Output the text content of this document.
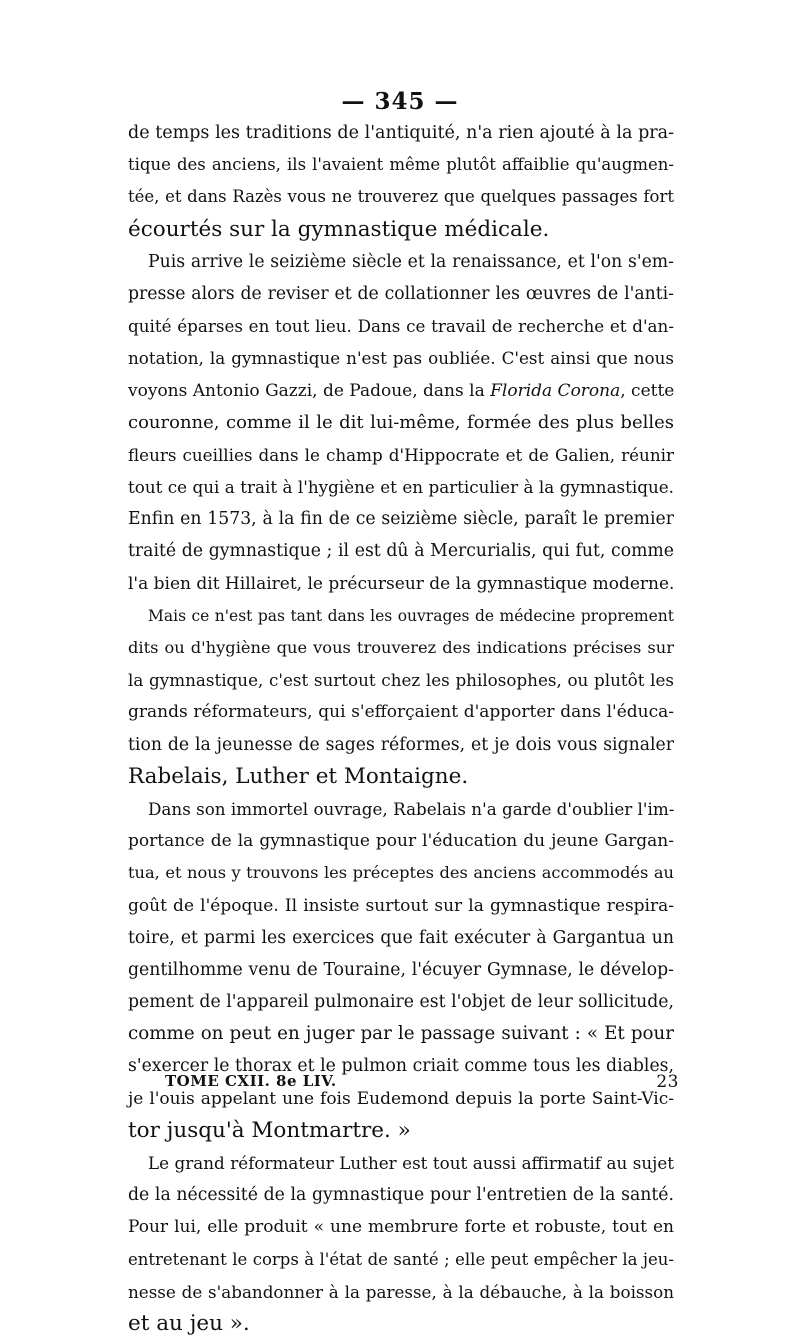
— 345 —
de temps les traditions de l'antiquité, n'a rien ajouté à la pra-
tique des anciens, ils l'avaient même plutôt affaiblie qu'augmen-
tée, et dans Razès vous ne trouverez que quelques passages fort
écourtés sur la gymnastique médicale.
Puis arrive le seizième siècle et la renaissance, et l'on s'em-
presse alors de reviser et de collationner les œuvres de l'anti-
quité éparses en tout lieu. Dans ce travail de recherche et d'an-
notation, la gymnastique n'est pas oubliée. C'est ainsi que nous
voyons Antonio Gazzi, de Padoue, dans la Florida Corona, cette
couronne, comme il le dit lui-même, formée des plus belles
fleurs cueillies dans le champ d'Hippocrate et de Galien, réunir
tout ce qui a trait à l'hygiène et en particulier à la gymnastique.
Enfin en 1573, à la fin de ce seizième siècle, paraît le premier
traité de gymnastique ; il est dû à Mercurialis, qui fut, comme
l'a bien dit Hillairet, le précurseur de la gymnastique moderne.
Mais ce n'est pas tant dans les ouvrages de médecine proprement
dits ou d'hygiène que vous trouverez des indications précises sur
la gymnastique, c'est surtout chez les philosophes, ou plutôt les
grands réformateurs, qui s'efforçaient d'apporter dans l'éduca-
tion de la jeunesse de sages réformes, et je dois vous signaler
Rabelais, Luther et Montaigne.
Dans son immortel ouvrage, Rabelais n'a garde d'oublier l'im-
portance de la gymnastique pour l'éducation du jeune Gargan-
tua, et nous y trouvons les préceptes des anciens accommodés au
goût de l'époque. Il insiste surtout sur la gymnastique respira-
toire, et parmi les exercices que fait exécuter à Gargantua un
gentilhomme venu de Touraine, l'écuyer Gymnase, le dévelop-
pement de l'appareil pulmonaire est l'objet de leur sollicitude,
comme on peut en juger par le passage suivant : « Et pour
s'exercer le thorax et le pulmon criait comme tous les diables,
je l'ouis appelant une fois Eudemond depuis la porte Saint-Vic-
tor jusqu'à Montmartre. »
Le grand réformateur Luther est tout aussi affirmatif au sujet
de la nécessité de la gymnastique pour l'entretien de la santé.
Pour lui, elle produit « une membrure forte et robuste, tout en
entretenant le corps à l'état de santé ; elle peut empêcher la jeu-
nesse de s'abandonner à la paresse, à la débauche, à la boisson
et au jeu ».
TOME CXII. 8e LIV.	23
